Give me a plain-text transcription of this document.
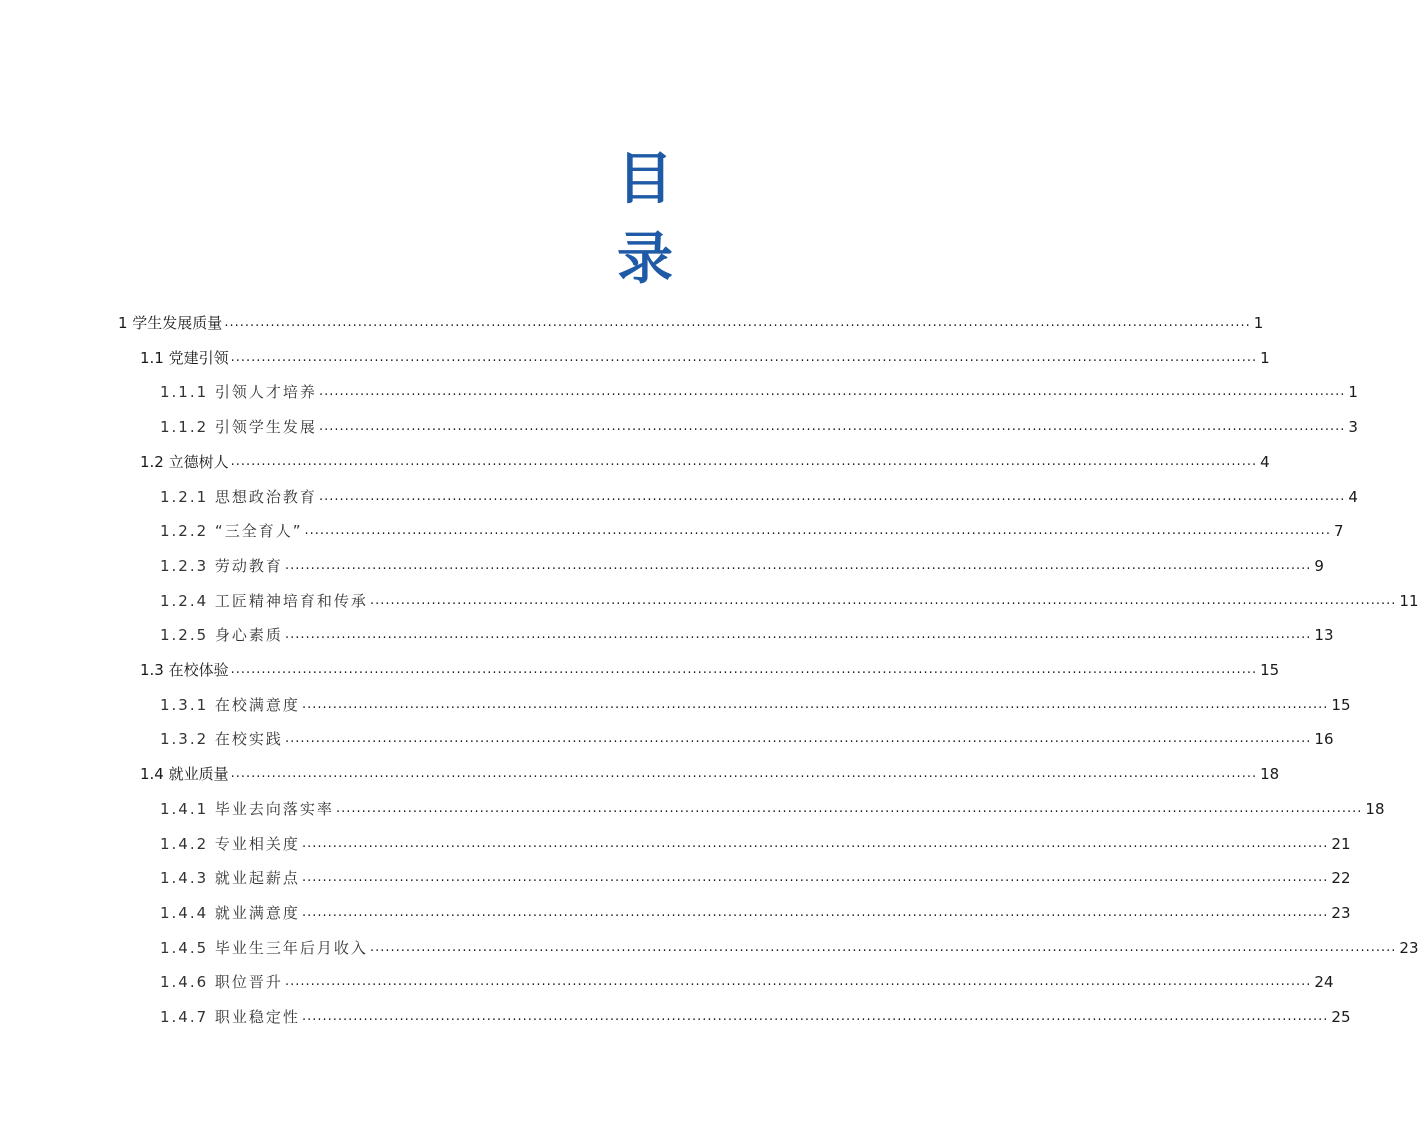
目
录
1 学生发展质量 ........................................................................................................................................................................................................ 1
1.1 党建引领 ........................................................................................................................................................................................................ 1
1.1.1 引领人才培养 ........................................................................................................................................................................................................ 1
1.1.2 引领学生发展 ........................................................................................................................................................................................................ 3
1.2 立德树人 ........................................................................................................................................................................................................ 4
1.2.1 思想政治教育 ........................................................................................................................................................................................................ 4
1.2.2 “三全育人” ........................................................................................................................................................................................................ 7
1.2.3 劳动教育 ........................................................................................................................................................................................................ 9
1.2.4 工匠精神培育和传承 ........................................................................................................................................................................................................ 11
1.2.5 身心素质 ........................................................................................................................................................................................................ 13
1.3 在校体验 ........................................................................................................................................................................................................ 15
1.3.1 在校满意度 ........................................................................................................................................................................................................ 15
1.3.2 在校实践 ........................................................................................................................................................................................................ 16
1.4 就业质量 ........................................................................................................................................................................................................ 18
1.4.1 毕业去向落实率 ........................................................................................................................................................................................................ 18
1.4.2 专业相关度 ........................................................................................................................................................................................................ 21
1.4.3 就业起薪点 ........................................................................................................................................................................................................ 22
1.4.4 就业满意度 ........................................................................................................................................................................................................ 23
1.4.5 毕业生三年后月收入 ........................................................................................................................................................................................................ 23
1.4.6 职位晋升 ........................................................................................................................................................................................................ 24
1.4.7 职业稳定性 ........................................................................................................................................................................................................ 25
